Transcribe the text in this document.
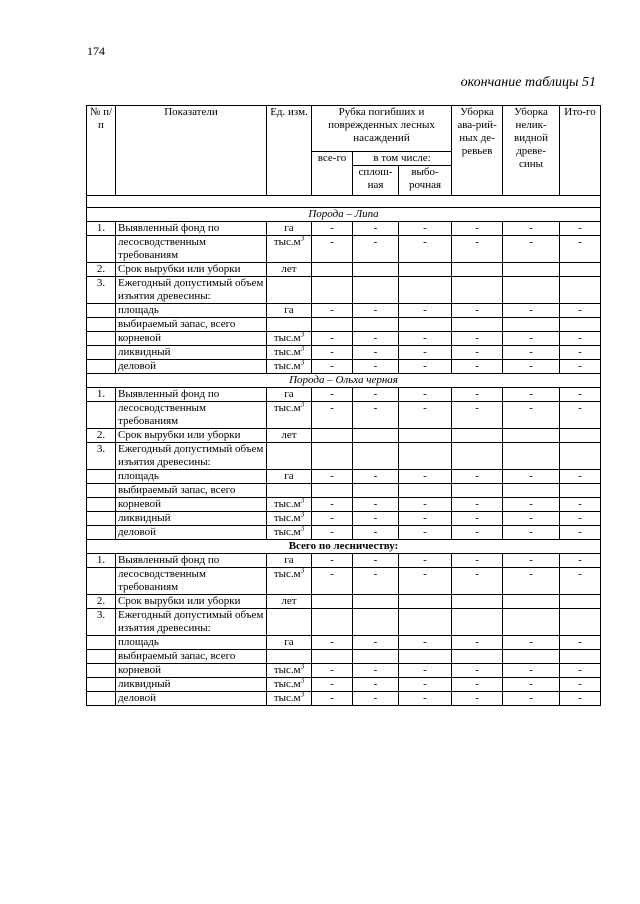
174
окончание таблицы 51
№ п/п	Показатели	Ед. изм.	Рубка погибших и поврежденных лесных насаждений			Уборка ава-рий-ных де-ревьев	Уборка нелик-видной древе-сины	Ито-го
			все-го	в том числе:				
				сплош-ная	выбо-рочная			

Порода – Липа								
1.	Выявленный фонд по	га	-	-	-	-	-	-
	лесосводственным требованиям	$тыс.м^3$	-	-	-	-	-	-
2.	Срок вырубки или уборки	лет						
3.	Ежегодный допустимый объем изъятия древесины:							
	площадь	га	-	-	-	-	-	-
	выбираемый запас, всего							
	корневой	$тыс.м^3$	-	-	-	-	-	-
	ликвидный	$тыс.м^3$	-	-	-	-	-	-
	деловой	$тыс.м^3$	-	-	-	-	-	-
Порода – Ольха черная								
1.	Выявленный фонд по	га	-	-	-	-	-	-
	лесосводственным требованиям	$тыс.м^3$	-	-	-	-	-	-
2.	Срок вырубки или уборки	лет						
3.	Ежегодный допустимый объем изъятия древесины:							
	площадь	га	-	-	-	-	-	-
	выбираемый запас, всего							
	корневой	$тыс.м^3$	-	-	-	-	-	-
	ликвидный	$тыс.м^3$	-	-	-	-	-	-
	деловой	$тыс.м^3$	-	-	-	-	-	-
Всего по лесничеству:								
1.	Выявленный фонд по	га	-	-	-	-	-	-
	лесосводственным требованиям	$тыс.м^3$	-	-	-	-	-	-
2.	Срок вырубки или уборки	лет						
3.	Ежегодный допустимый объем изъятия древесины:							
	площадь	га	-	-	-	-	-	-
	выбираемый запас, всего							
	корневой	$тыс.м^3$	-	-	-	-	-	-
	ликвидный	$тыс.м^3$	-	-	-	-	-	-
	деловой	$тыс.м^3$	-	-	-	-	-	-
